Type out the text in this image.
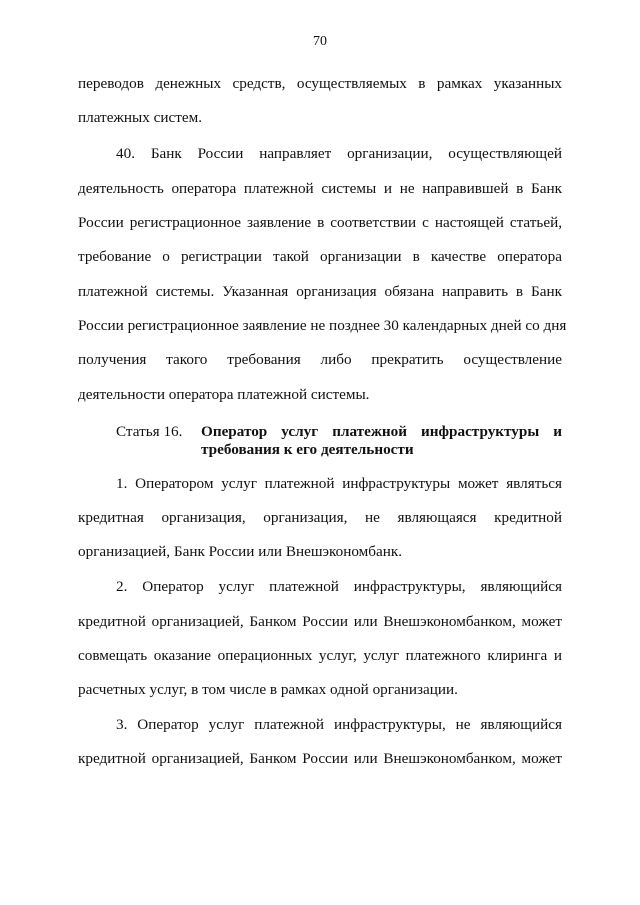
70
переводов денежных средств, осуществляемых в рамках указанных
платежных систем.
40. Банк России направляет организации, осуществляющей
деятельность оператора платежной системы и не направившей в Банк
России регистрационное заявление в соответствии с настоящей статьей,
требование о регистрации такой организации в качестве оператора
платежной системы. Указанная организация обязана направить в Банк
России регистрационное заявление не позднее 30 календарных дней со дня
получения такого требования либо прекратить осуществление
деятельности оператора платежной системы.
Статья 16. Оператор услуг платежной инфраструктуры и
требования к его деятельности
1. Оператором услуг платежной инфраструктуры может являться
кредитная организация, организация, не являющаяся кредитной
организацией, Банк России или Внешэкономбанк.
2. Оператор услуг платежной инфраструктуры, являющийся
кредитной организацией, Банком России или Внешэкономбанком, может
совмещать оказание операционных услуг, услуг платежного клиринга и
расчетных услуг, в том числе в рамках одной организации.
3. Оператор услуг платежной инфраструктуры, не являющийся
кредитной организацией, Банком России или Внешэкономбанком, может
